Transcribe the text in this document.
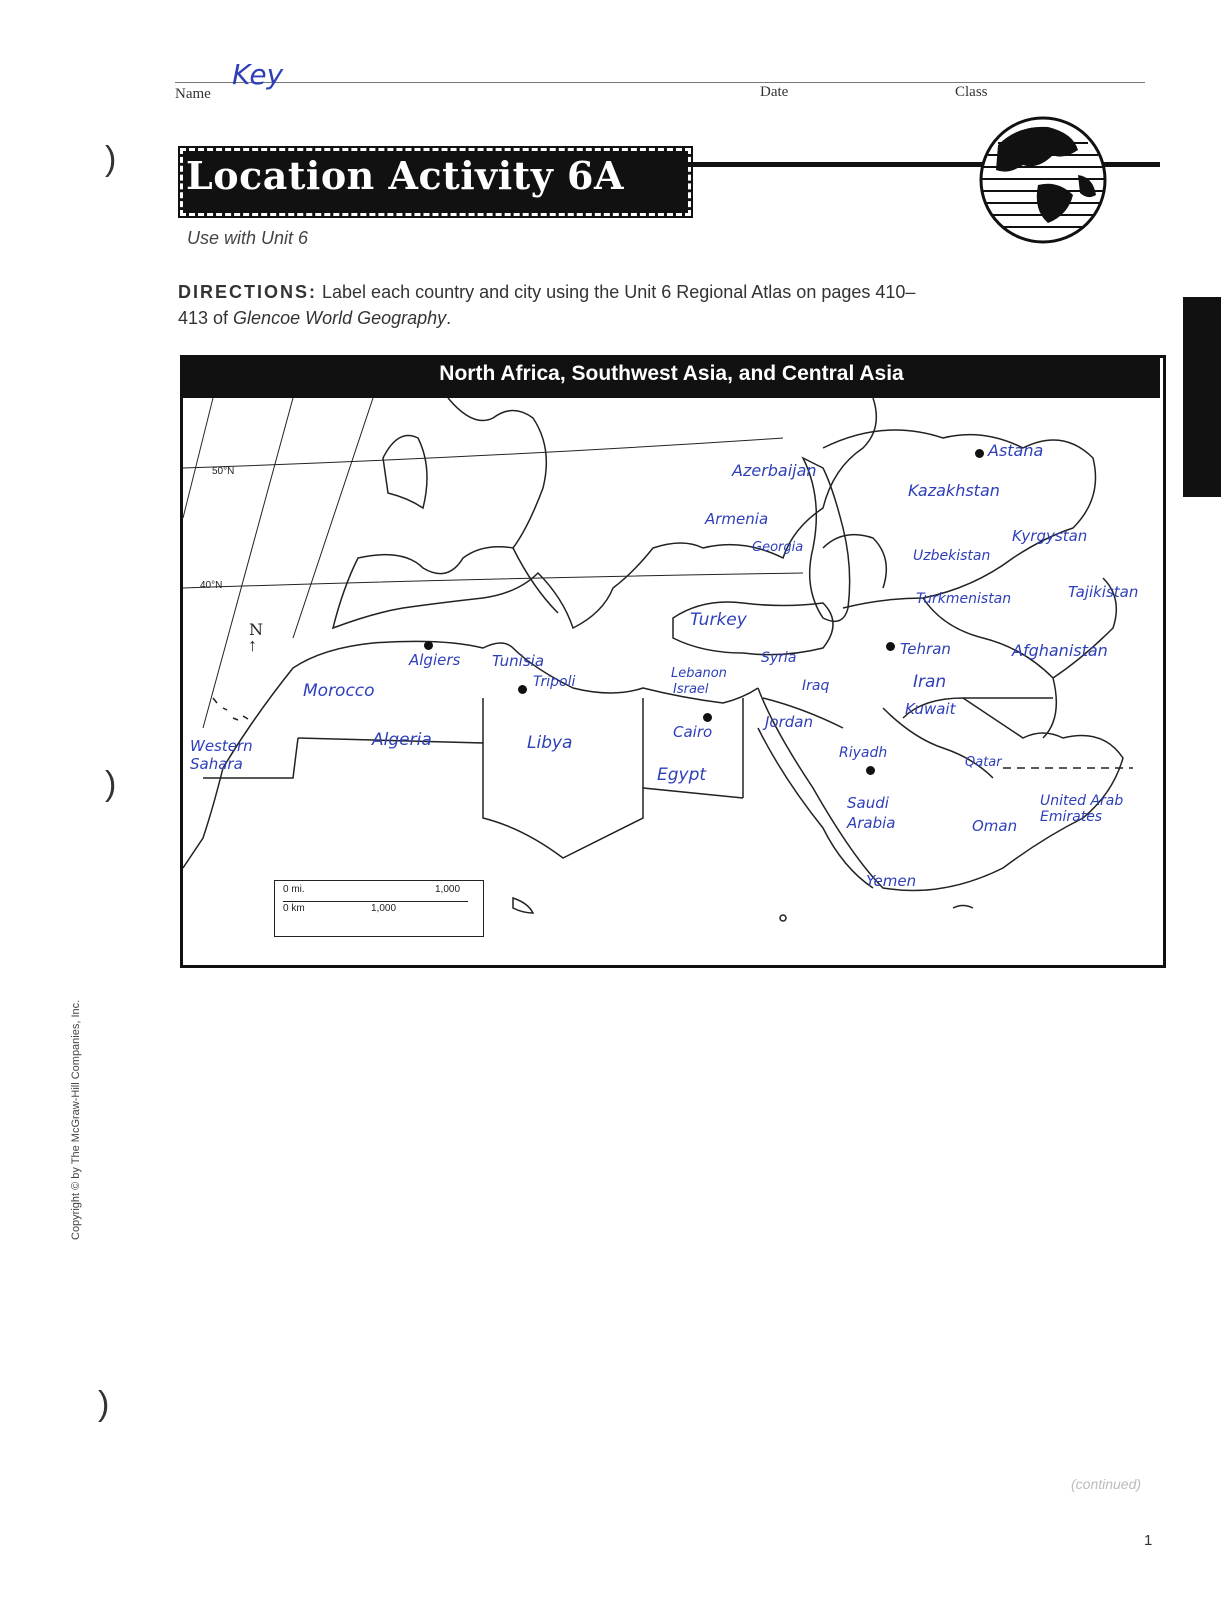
Name
Key
Date	Class
)
)
)
Location Activity 6A
Use with Unit 6
DIRECTIONS: Label each country and city using the Unit 6 Regional Atlas on pages 410–413 of Glencoe World Geography.
North Africa, Southwest Asia, and Central Asia
50°N
40°N
N
↑
Morocco
Western Sahara
Algeria
Tunisia
Libya
Egypt
Turkey
Lebanon
Israel
Syria
Iraq
Jordan
Kuwait
Iran
Saudi Arabia
Qatar
United Arab Emirates
Oman
Yemen
Azerbaijan
Armenia
Georgia
Kazakhstan
Uzbekistan
Kyrgystan
Turkmenistan	Tajikistan
Afghanistan
Algiers
Tripoli
Cairo
Tehran
Riyadh
Astana
0 mi.	1,000
0 km	1,000
Copyright © by The McGraw-Hill Companies, Inc.
(continued)
1
